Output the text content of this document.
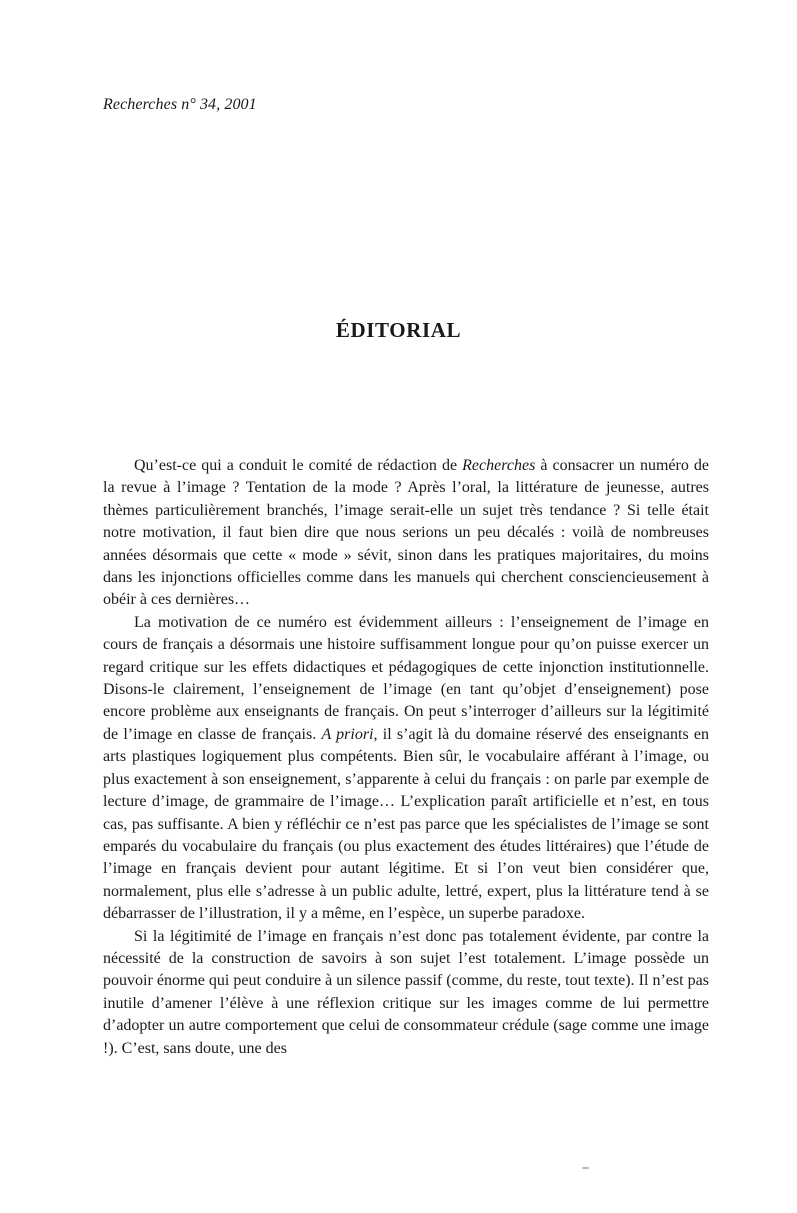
Recherches n° 34, 2001
ÉDITORIAL

Qu’est-ce qui a conduit le comité de rédaction de Recherches à consacrer un numéro de la revue à l’image ? Tentation de la mode ? Après l’oral, la littérature de jeunesse, autres thèmes particulièrement branchés, l’image serait-elle un sujet très tendance ? Si telle était notre motivation, il faut bien dire que nous serions un peu décalés : voilà de nombreuses années désormais que cette « mode » sévit, sinon dans les pratiques majoritaires, du moins dans les injonctions officielles comme dans les manuels qui cherchent consciencieusement à obéir à ces dernières…

La motivation de ce numéro est évidemment ailleurs : l’enseignement de l’image en cours de français a désormais une histoire suffisamment longue pour qu’on puisse exercer un regard critique sur les effets didactiques et pédagogiques de cette injonction institutionnelle. Disons-le clairement, l’enseignement de l’image (en tant qu’objet d’enseignement) pose encore problème aux enseignants de français. On peut s’interroger d’ailleurs sur la légitimité de l’image en classe de français. A priori, il s’agit là du domaine réservé des enseignants en arts plastiques logiquement plus compétents. Bien sûr, le vocabulaire afférant à l’image, ou plus exactement à son enseignement, s’apparente à celui du français : on parle par exemple de lecture d’image, de grammaire de l’image… L’explication paraît artificielle et n’est, en tous cas, pas suffisante. A bien y réfléchir ce n’est pas parce que les spécialistes de l’image se sont emparés du vocabulaire du français (ou plus exactement des études littéraires) que l’étude de l’image en français devient pour autant légitime. Et si l’on veut bien considérer que, normalement, plus elle s’adresse à un public adulte, lettré, expert, plus la littérature tend à se débarrasser de l’illustration, il y a même, en l’espèce, un superbe paradoxe.

Si la légitimité de l’image en français n’est donc pas totalement évidente, par contre la nécessité de la construction de savoirs à son sujet l’est totalement. L’image possède un pouvoir énorme qui peut conduire à un silence passif (comme, du reste, tout texte). Il n’est pas inutile d’amener l’élève à une réflexion critique sur les images comme de lui permettre d’adopter un autre comportement que celui de consommateur crédule (sage comme une image !). C’est, sans doute, une des
